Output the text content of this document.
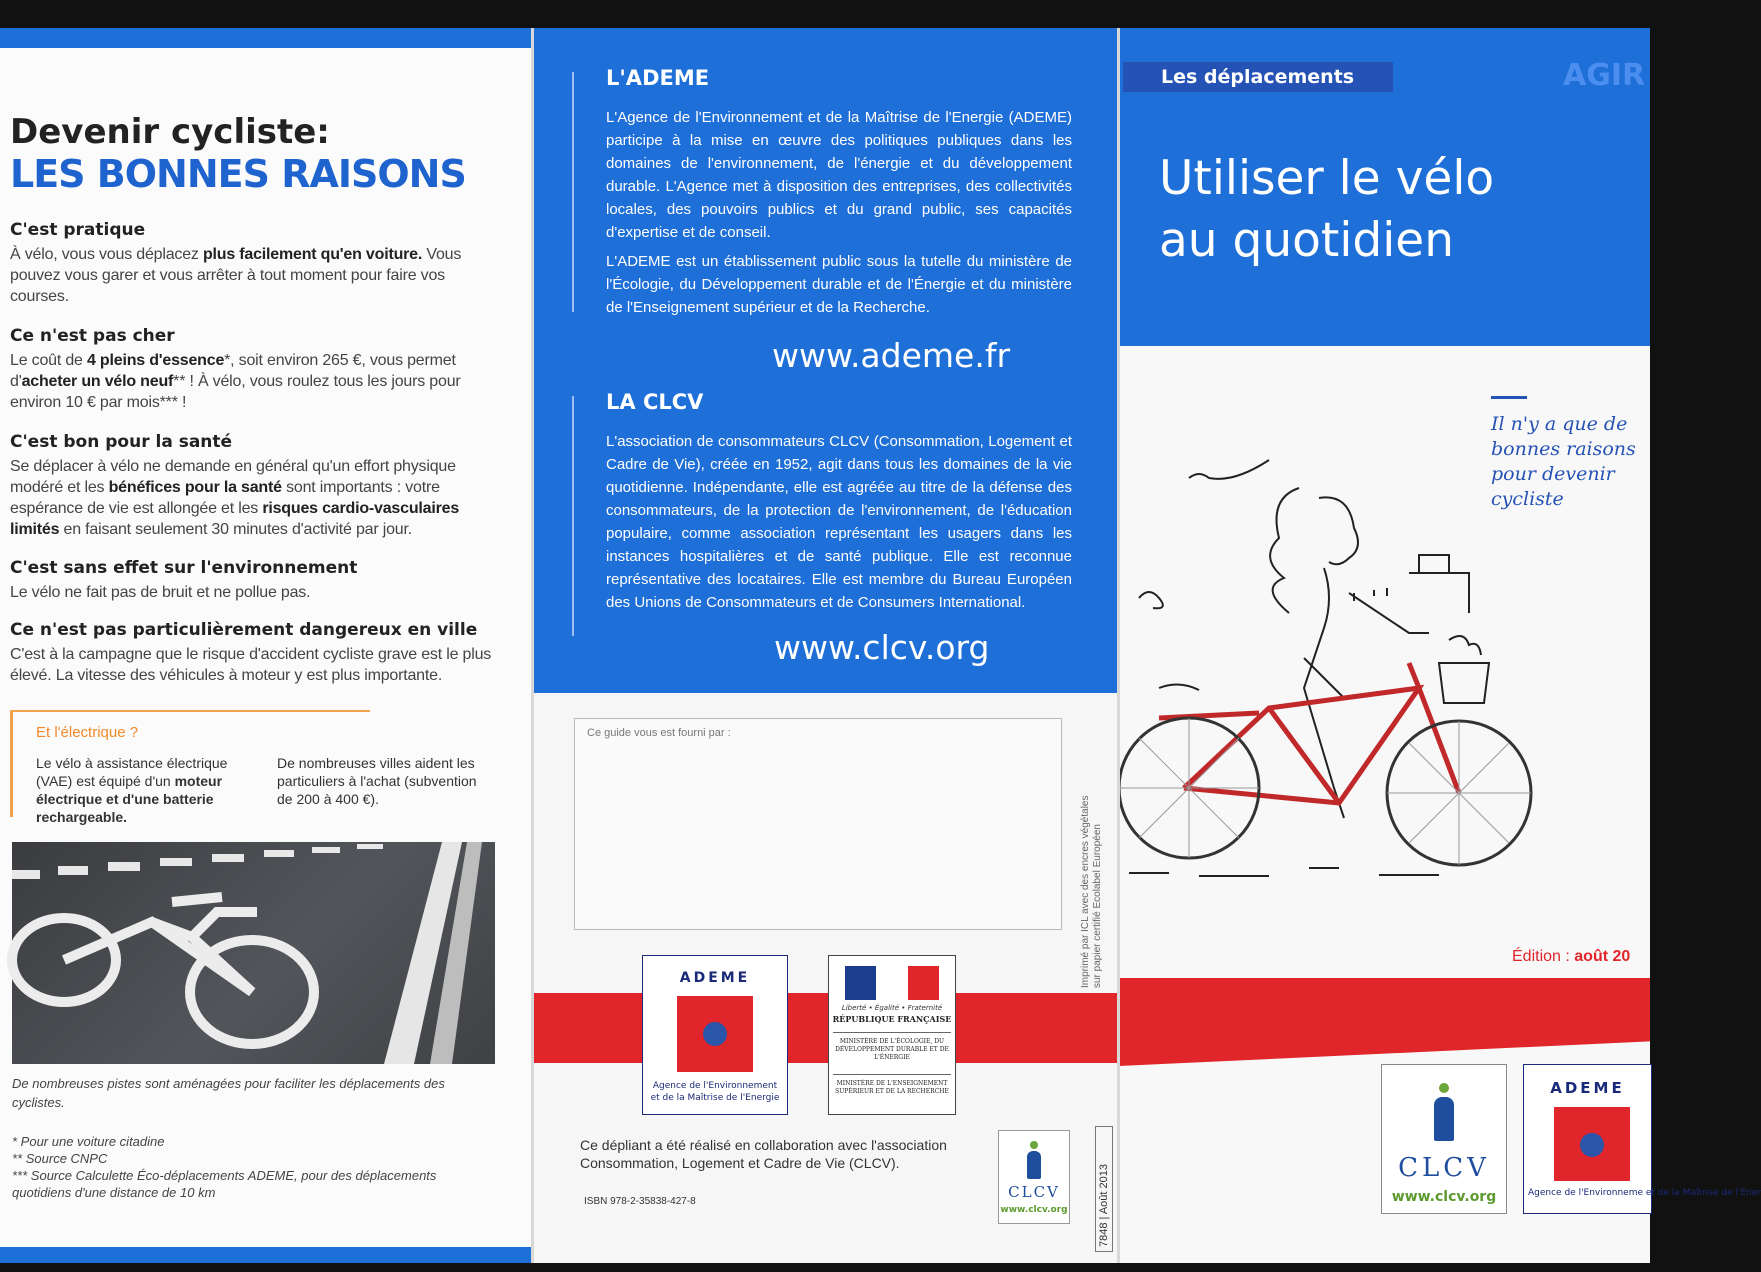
Devenir cycliste:
LES BONNES RAISONS
C'est pratique

À vélo, vous vous déplacez plus facilement qu'en voiture. Vous pouvez vous garer et vous arrêter à tout moment pour faire vos courses.

Ce n'est pas cher

Le coût de 4 pleins d'essence*, soit environ 265 €, vous permet d'acheter un vélo neuf** ! À vélo, vous roulez tous les jours pour environ 10 € par mois*** !

C'est bon pour la santé

Se déplacer à vélo ne demande en général qu'un effort physique modéré et les bénéfices pour la santé sont importants : votre espérance de vie est allongée et les risques cardio-vasculaires limités en faisant seulement 30 minutes d'activité par jour.

C'est sans effet sur l'environnement

Le vélo ne fait pas de bruit et ne pollue pas.

Ce n'est pas particulièrement dangereux en ville

C'est à la campagne que le risque d'accident cycliste grave est le plus élevé. La vitesse des véhicules à moteur y est plus importante.

Et l'électrique ?
Le vélo à assistance électrique (VAE) est équipé d'un moteur électrique et d'une batterie rechargeable.
De nombreuses villes aident les particuliers à l'achat (subvention de 200 à 400 €).
De nombreuses pistes sont aménagées pour faciliter les déplacements des cyclistes.
* Pour une voiture citadine
** Source CNPC
*** Source Calculette Éco-déplacements ADEME, pour des déplacements quotidiens d'une distance de 10 km
L'ADEME

L'Agence de l'Environnement et de la Maîtrise de l'Energie (ADEME) participe à la mise en œuvre des politiques publiques dans les domaines de l'environnement, de l'énergie et du développement durable. L'Agence met à disposition des entreprises, des collectivités locales, des pouvoirs publics et du grand public, ses capacités d'expertise et de conseil.

L'ADEME est un établissement public sous la tutelle du ministère de l'Écologie, du Développement durable et de l'Énergie et du ministère de l'Enseignement supérieur et de la Recherche.

www.ademe.fr
LA CLCV

L'association de consommateurs CLCV (Consommation, Logement et Cadre de Vie), créée en 1952, agit dans tous les domaines de la vie quotidienne. Indépendante, elle est agréée au titre de la défense des consommateurs, de la protection de l'environnement, de l'éducation populaire, comme association représentant les usagers dans les instances hospitalières et de santé publique. Elle est reconnue représentative des locataires. Elle est membre du Bureau Européen des Unions de Consommateurs et de Consumers International.

www.clcv.org
Ce guide vous est fourni par :
ADEME
Agence de l'Environnement et de la Maîtrise de l'Energie
Liberté • Égalité • Fraternité
RÉPUBLIQUE FRANÇAISE
MINISTÈRE DE L'ÉCOLOGIE, DU DÉVELOPPEMENT DURABLE ET DE L'ÉNERGIE
MINISTÈRE DE L'ENSEIGNEMENT SUPÉRIEUR ET DE LA RECHERCHE
Imprimé par ICL avec des encres végétales sur papier certifié Ecolabel Européen
7848 | Août 2013
Ce dépliant a été réalisé en collaboration avec l'association Consommation, Logement et Cadre de Vie (CLCV).
ISBN 978-2-35838-427-8
CLCV
www.clcv.org
Les déplacements	AGIR
Utiliser le vélo
au quotidien
Il n'y a que de bonnes raisons pour devenir cycliste
Édition : août 20
CLCV
www.clcv.org
ADEME
Agence de l'Environneme et de la Maîtrise de l'Ener
